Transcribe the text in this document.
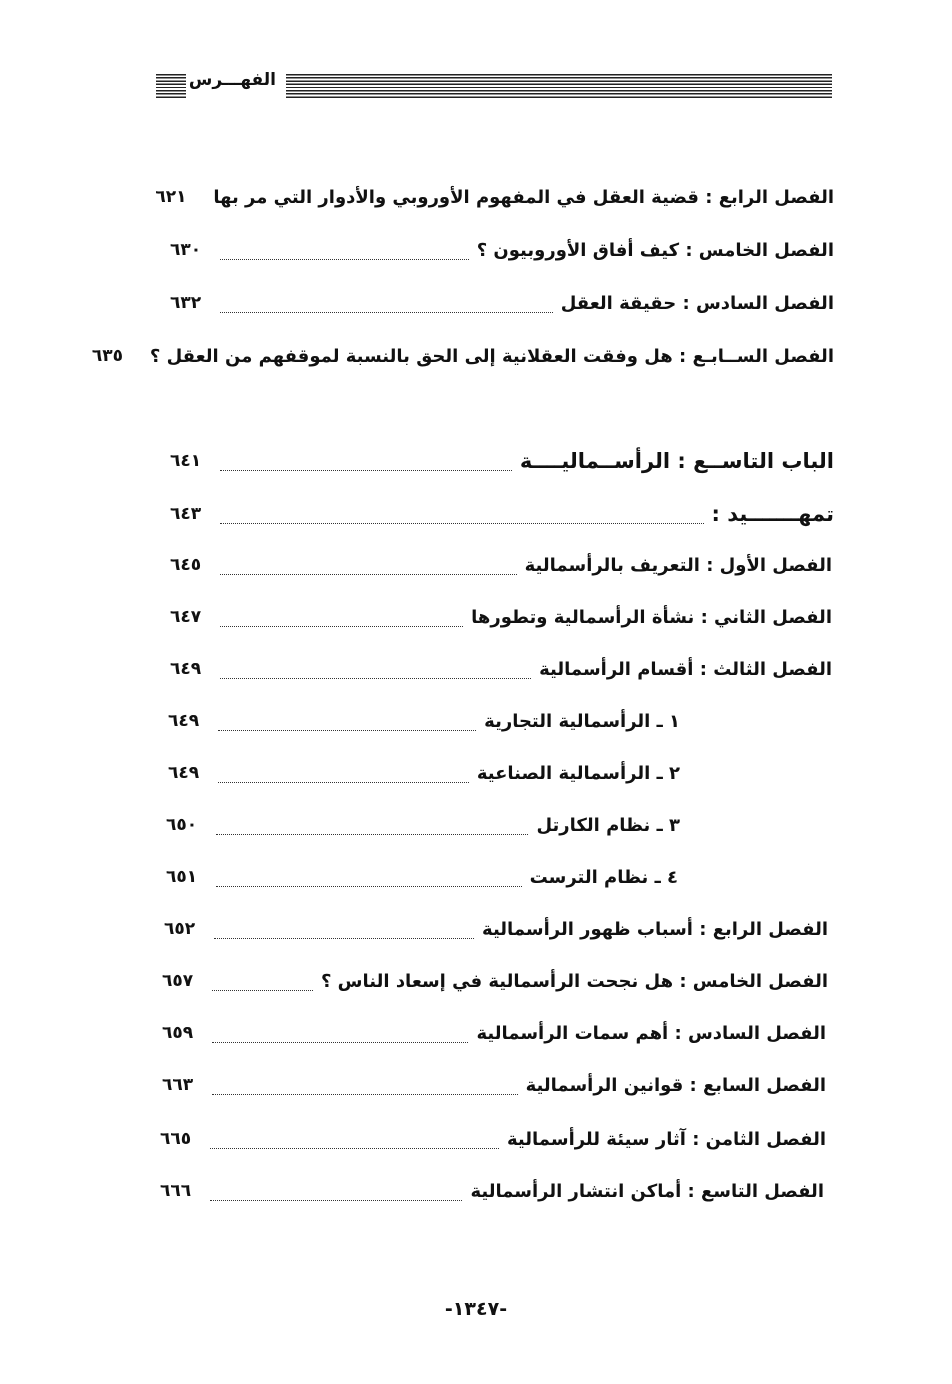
الفهـــرس
الفصل الرابع : قضية العقل في المفهوم الأوروبي والأدوار التي مر بها
٦٢١
الفصل الخامس : كيف أفاق الأوروبيون ؟
٦٣٠
الفصل السادس : حقيقة العقل
٦٣٢
الفصل الســابـع : هل وفقت العقلانية إلى الحق بالنسبة لموقفهم من العقل ؟
٦٣٥
الباب التاســع : الرأســماليــــة
٦٤١
تمهـــــــيد :
٦٤٣
الفصل الأول : التعريف بالرأسمالية
٦٤٥
الفصل الثاني : نشأة الرأسمالية وتطورها
٦٤٧
الفصل الثالث : أقسام الرأسمالية
٦٤٩
١ ـ الرأسمالية التجارية
٦٤٩
٢ ـ الرأسمالية الصناعية
٦٤٩
٣ ـ نظام الكارتل
٦٥٠
٤ ـ نظام الترست
٦٥١
الفصل الرابع : أسباب ظهور الرأسمالية
٦٥٢
الفصل الخامس : هل نجحت الرأسمالية في إسعاد الناس ؟
٦٥٧
الفصل السادس : أهم سمات الرأسمالية
٦٥٩
الفصل السابع : قوانين الرأسمالية
٦٦٣
الفصل الثامن : آثار سيئة للرأسمالية
٦٦٥
الفصل التاسع : أماكن انتشار الرأسمالية
٦٦٦
-١٣٤٧-
